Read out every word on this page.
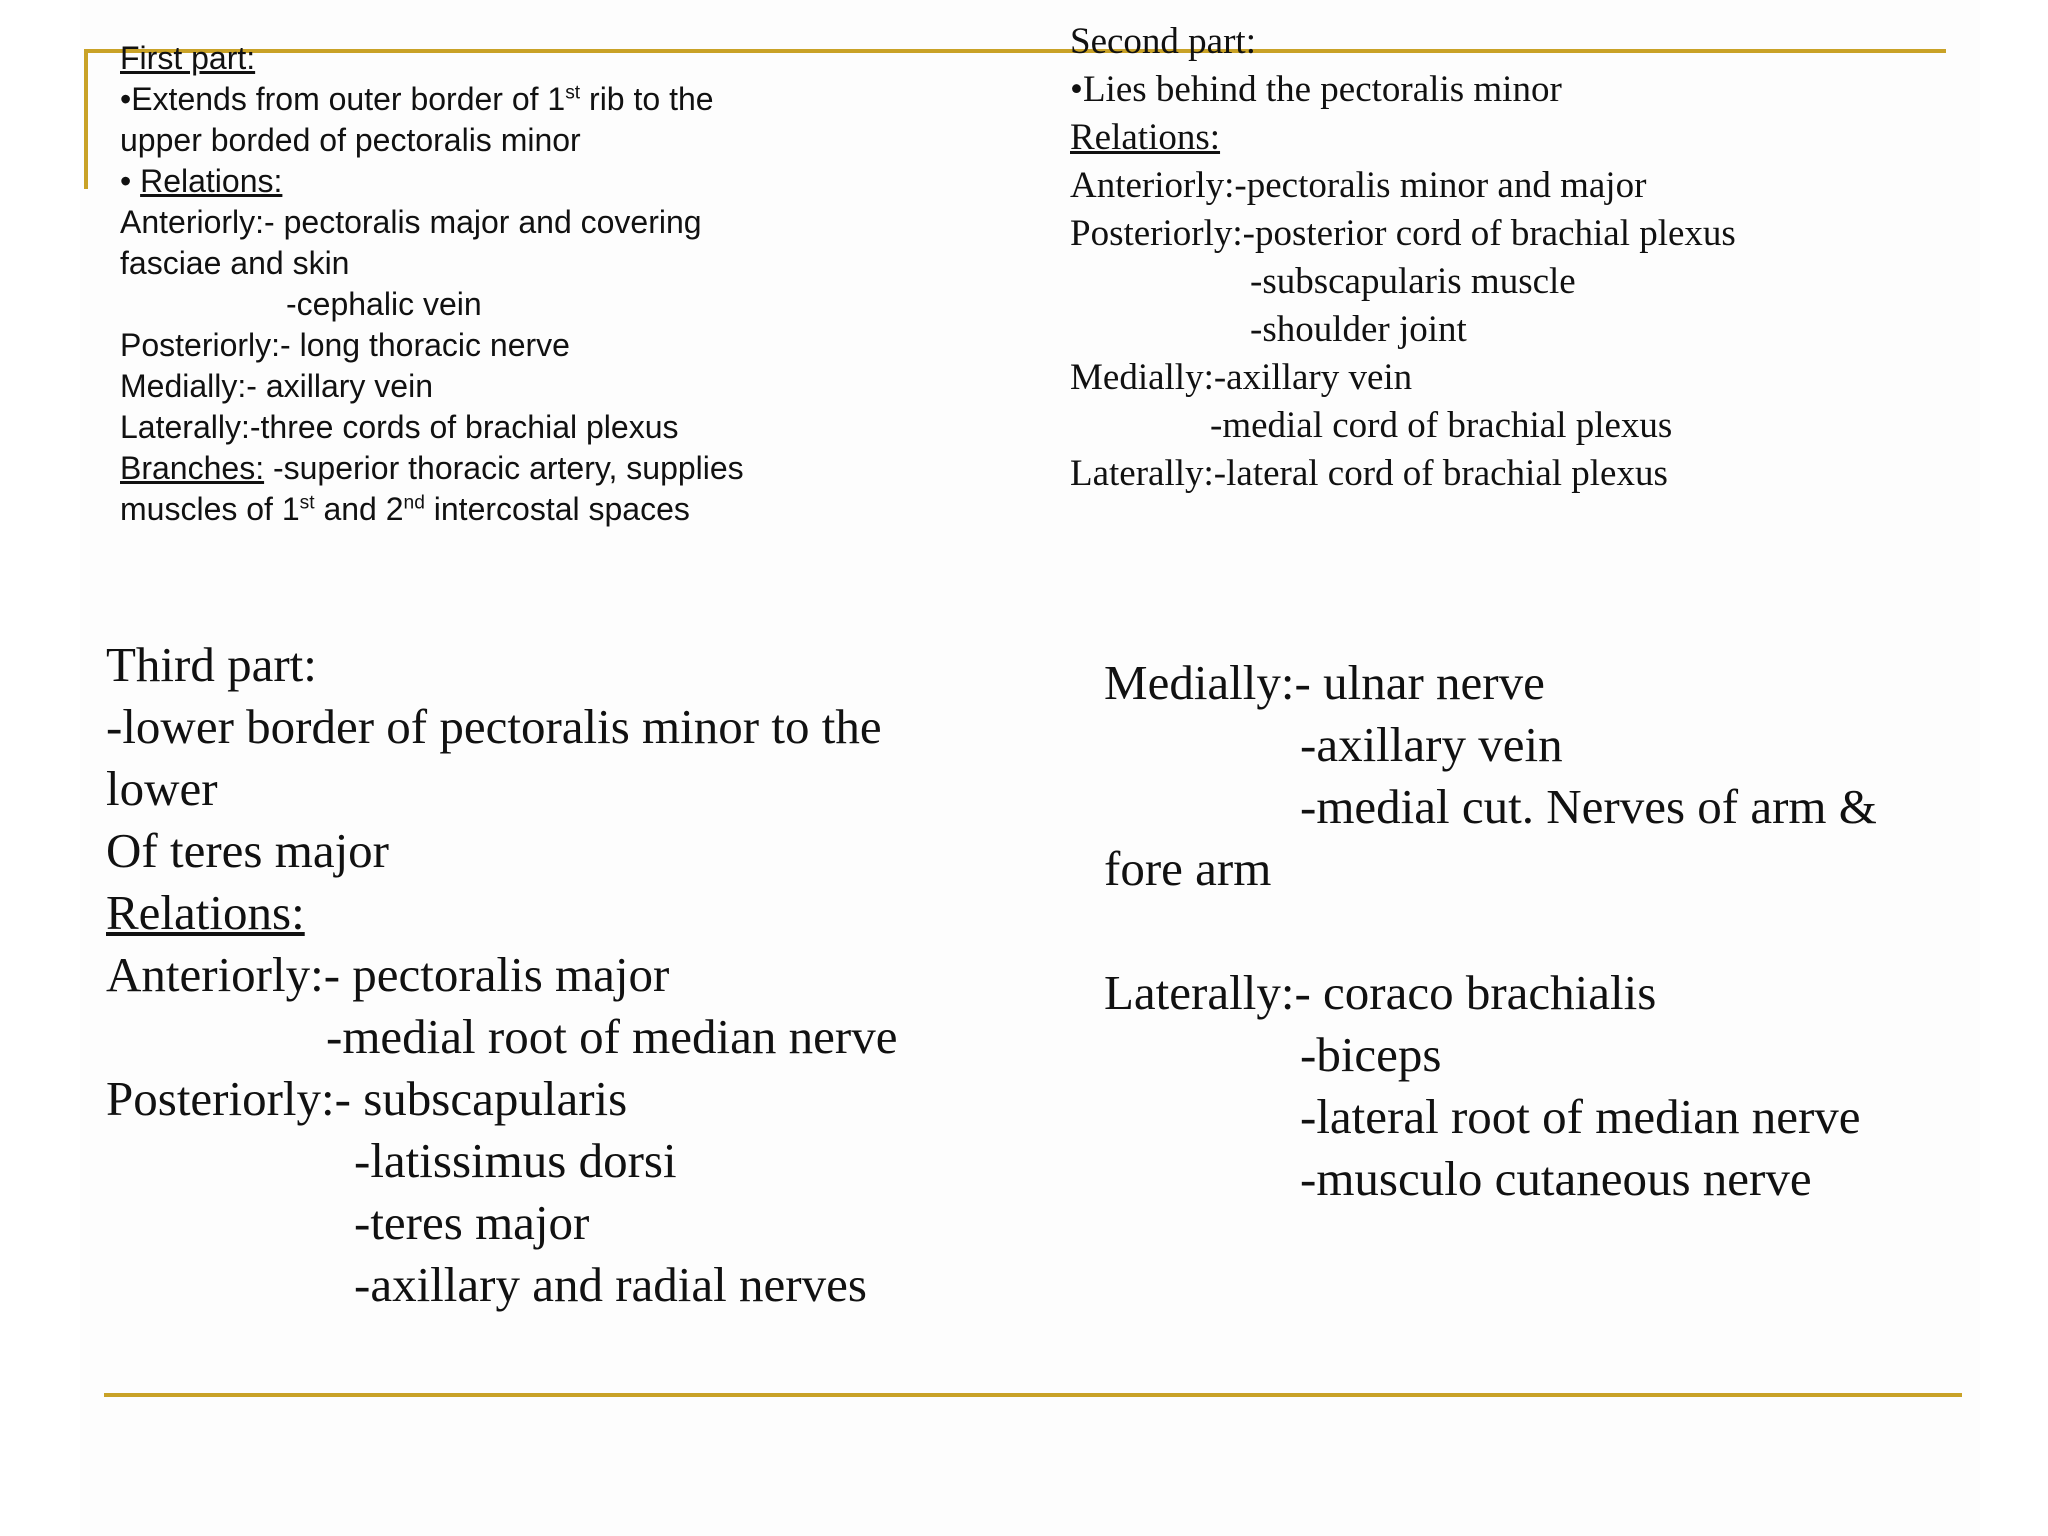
First part:
•Extends from outer border of 1st rib to the
upper borded of pectoralis minor
• Relations:
Anteriorly:- pectoralis major and covering
fasciae and skin
-cephalic vein
Posteriorly:- long thoracic nerve
Medially:- axillary vein
Laterally:-three cords of brachial plexus
Branches: -superior thoracic artery, supplies
muscles of 1st and 2nd intercostal spaces
Second part:
•Lies behind the pectoralis minor
Relations:
Anteriorly:-pectoralis minor and major
Posteriorly:-posterior cord of brachial plexus
-subscapularis muscle
-shoulder joint
Medially:-axillary vein
-medial cord of brachial plexus
Laterally:-lateral cord of brachial plexus
Third part:
-lower border of pectoralis minor to the
lower
Of teres major
Relations:
Anteriorly:- pectoralis major
-medial root of median nerve
Posteriorly:- subscapularis
-latissimus dorsi
-teres major
-axillary and radial nerves
Medially:- ulnar nerve
-axillary vein
-medial cut. Nerves of arm &
fore arm
Laterally:- coraco brachialis
-biceps
-lateral root of median nerve
-musculo cutaneous nerve
